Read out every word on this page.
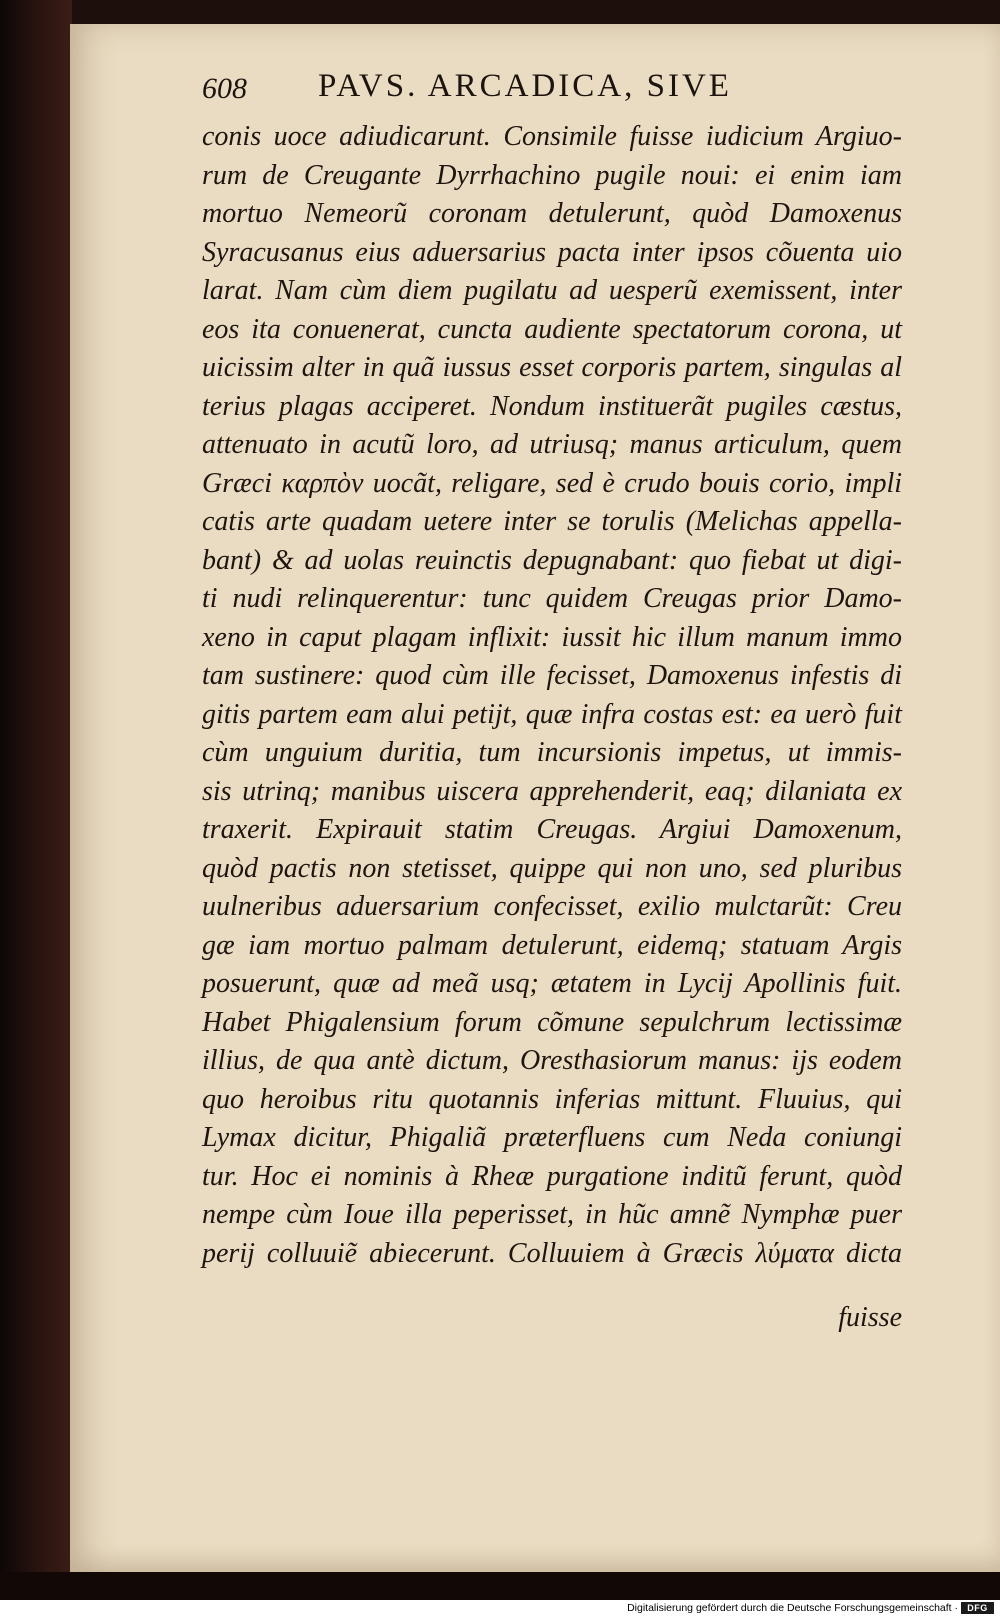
608 PAVS. ARCADICA, SIVE
conis uoce adiudicarunt. Consimile fuisse iudicium Argiuo-
rum de Creugante Dyrrhachino pugile noui: ei enim iam
mortuo Nemeorũ coronam detulerunt, quòd Damoxenus
Syracusanus eius aduersarius pacta inter ipsos cõuenta uio
larat. Nam cùm diem pugilatu ad uesperũ exemissent, inter
eos ita conuenerat, cuncta audiente spectatorum corona, ut
uicissim alter in quã iussus esset corporis partem, singulas al
terius plagas acciperet. Nondum instituerãt pugiles cæstus,
attenuato in acutũ loro, ad utriusq; manus articulum, quem
Græci καρπὸν uocãt, religare, sed è crudo bouis corio, impli
catis arte quadam uetere inter se torulis (Melichas appella-
bant) & ad uolas reuinctis depugnabant: quo fiebat ut digi-
ti nudi relinquerentur: tunc quidem Creugas prior Damo-
xeno in caput plagam inflixit: iussit hic illum manum immo
tam sustinere: quod cùm ille fecisset, Damoxenus infestis di
gitis partem eam alui petijt, quæ infra costas est: ea uerò fuit
cùm unguium duritia, tum incursionis impetus, ut immis-
sis utrinq; manibus uiscera apprehenderit, eaq; dilaniata ex
traxerit. Expirauit statim Creugas. Argiui Damoxenum,
quòd pactis non stetisset, quippe qui non uno, sed pluribus
uulneribus aduersarium confecisset, exilio mulctarũt: Creu
gæ iam mortuo palmam detulerunt, eidemq; statuam Argis
posuerunt, quæ ad meã usq; ætatem in Lycij Apollinis fuit.
Habet Phigalensium forum cõmune sepulchrum lectissimæ
illius, de qua antè dictum, Oresthasiorum manus: ijs eodem
quo heroibus ritu quotannis inferias mittunt. Fluuius, qui
Lymax dicitur, Phigaliã præterfluens cum Neda coniungi
tur. Hoc ei nominis à Rheæ purgatione inditũ ferunt, quòd
nempe cùm Ioue illa peperisset, in hũc amnẽ Nymphæ puer
perij colluuiẽ abiecerunt. Colluuiem à Græcis λύματα dicta
fuisse
Digitalisierung gefördert durch die Deutsche Forschungsgemeinschaft ·	DFG
